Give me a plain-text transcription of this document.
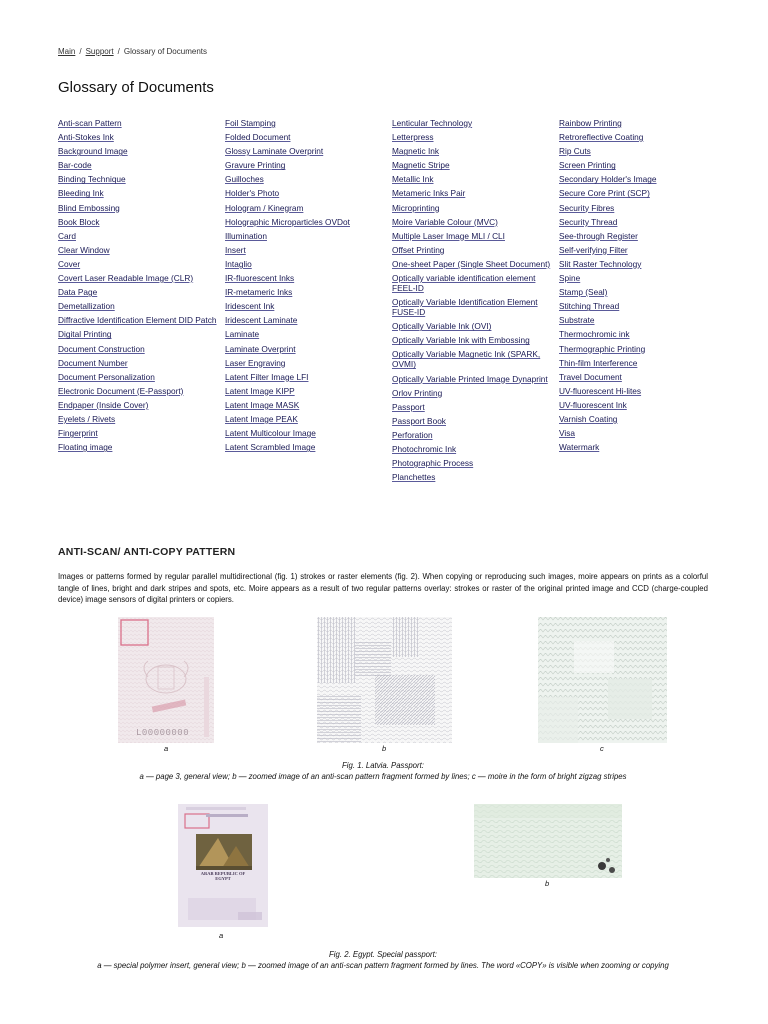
Main / Support / Glossary of Documents
Glossary of Documents
Anti-scan Pattern
Anti-Stokes Ink
Background Image
Bar-code
Binding Technique
Bleeding Ink
Blind Embossing
Book Block
Card
Clear Window
Cover
Covert Laser Readable Image (CLR)
Data Page
Demetallization
Diffractive Identification Element DID Patch
Digital Printing
Document Construction
Document Number
Document Personalization
Electronic Document (E-Passport)
Endpaper (Inside Cover)
Eyelets / Rivets
Fingerprint
Floating image
Foil Stamping
Folded Document
Glossy Laminate Overprint
Gravure Printing
Guilloches
Holder's Photo
Hologram / Kinegram
Holographic Microparticles OVDot
Illumination
Insert
Intaglio
IR-fluorescent Inks
IR-metameric Inks
Iridescent Ink
Iridescent Laminate
Laminate
Laminate Overprint
Laser Engraving
Latent Filter Image LFI
Latent Image KIPP
Latent Image MASK
Latent Image PEAK
Latent Multicolour Image
Latent Scrambled Image
Lenticular Technology
Letterpress
Magnetic Ink
Magnetic Stripe
Metallic Ink
Metameric Inks Pair
Microprinting
Moire Variable Colour (MVC)
Multiple Laser Image MLI / CLI
Offset Printing
One-sheet Paper (Single Sheet Document)
Optically variable identification element FEEL-ID
Optically Variable Identification Element FUSE-ID
Optically Variable Ink (OVI)
Optically Variable Ink with Embossing
Optically Variable Magnetic Ink (SPARK, OVMI)
Optically Variable Printed Image Dynaprint
Orlov Printing
Passport
Passport Book
Perforation
Photochromic Ink
Photographic Process
Planchettes
Rainbow Printing
Retroreflective Coating
Rip Cuts
Screen Printing
Secondary Holder's Image
Secure Core Print (SCP)
Security Fibres
Security Thread
See-through Register
Self-verifying Filter
Slit Raster Technology
Spine
Stamp (Seal)
Stitching Thread
Substrate
Thermochromic ink
Thermographic Printing
Thin-film Interference
Travel Document
UV-fluorescent Hi-lites
UV-fluorescent Ink
Varnish Coating
Visa
Watermark
ANTI-SCAN/ ANTI-COPY PATTERN

Images or patterns formed by regular parallel multidirectional (fig. 1) strokes or raster elements (fig. 2). When copying or reproducing such images, moire appears on prints as a colorful tangle of lines, bright and dark stripes and spots, etc. Moire appears as a result of two regular patterns overlay: strokes or raster of the original printed image and CCD (charge-coupled device) image sensors of digital printers or copiers.

L00000000
a	b	c
Fig. 1. Latvia. Passport:
a — page 3, general view; b — zoomed image of an anti-scan pattern fragment formed by lines; c — moire in the form of bright zigzag stripes
ARAB REPUBLIC OF EGYPT
a
b
Fig. 2. Egypt. Special passport:
a — special polymer insert, general view; b — zoomed image of an anti-scan pattern fragment formed by lines. The word «COPY» is visible when zooming or copying
